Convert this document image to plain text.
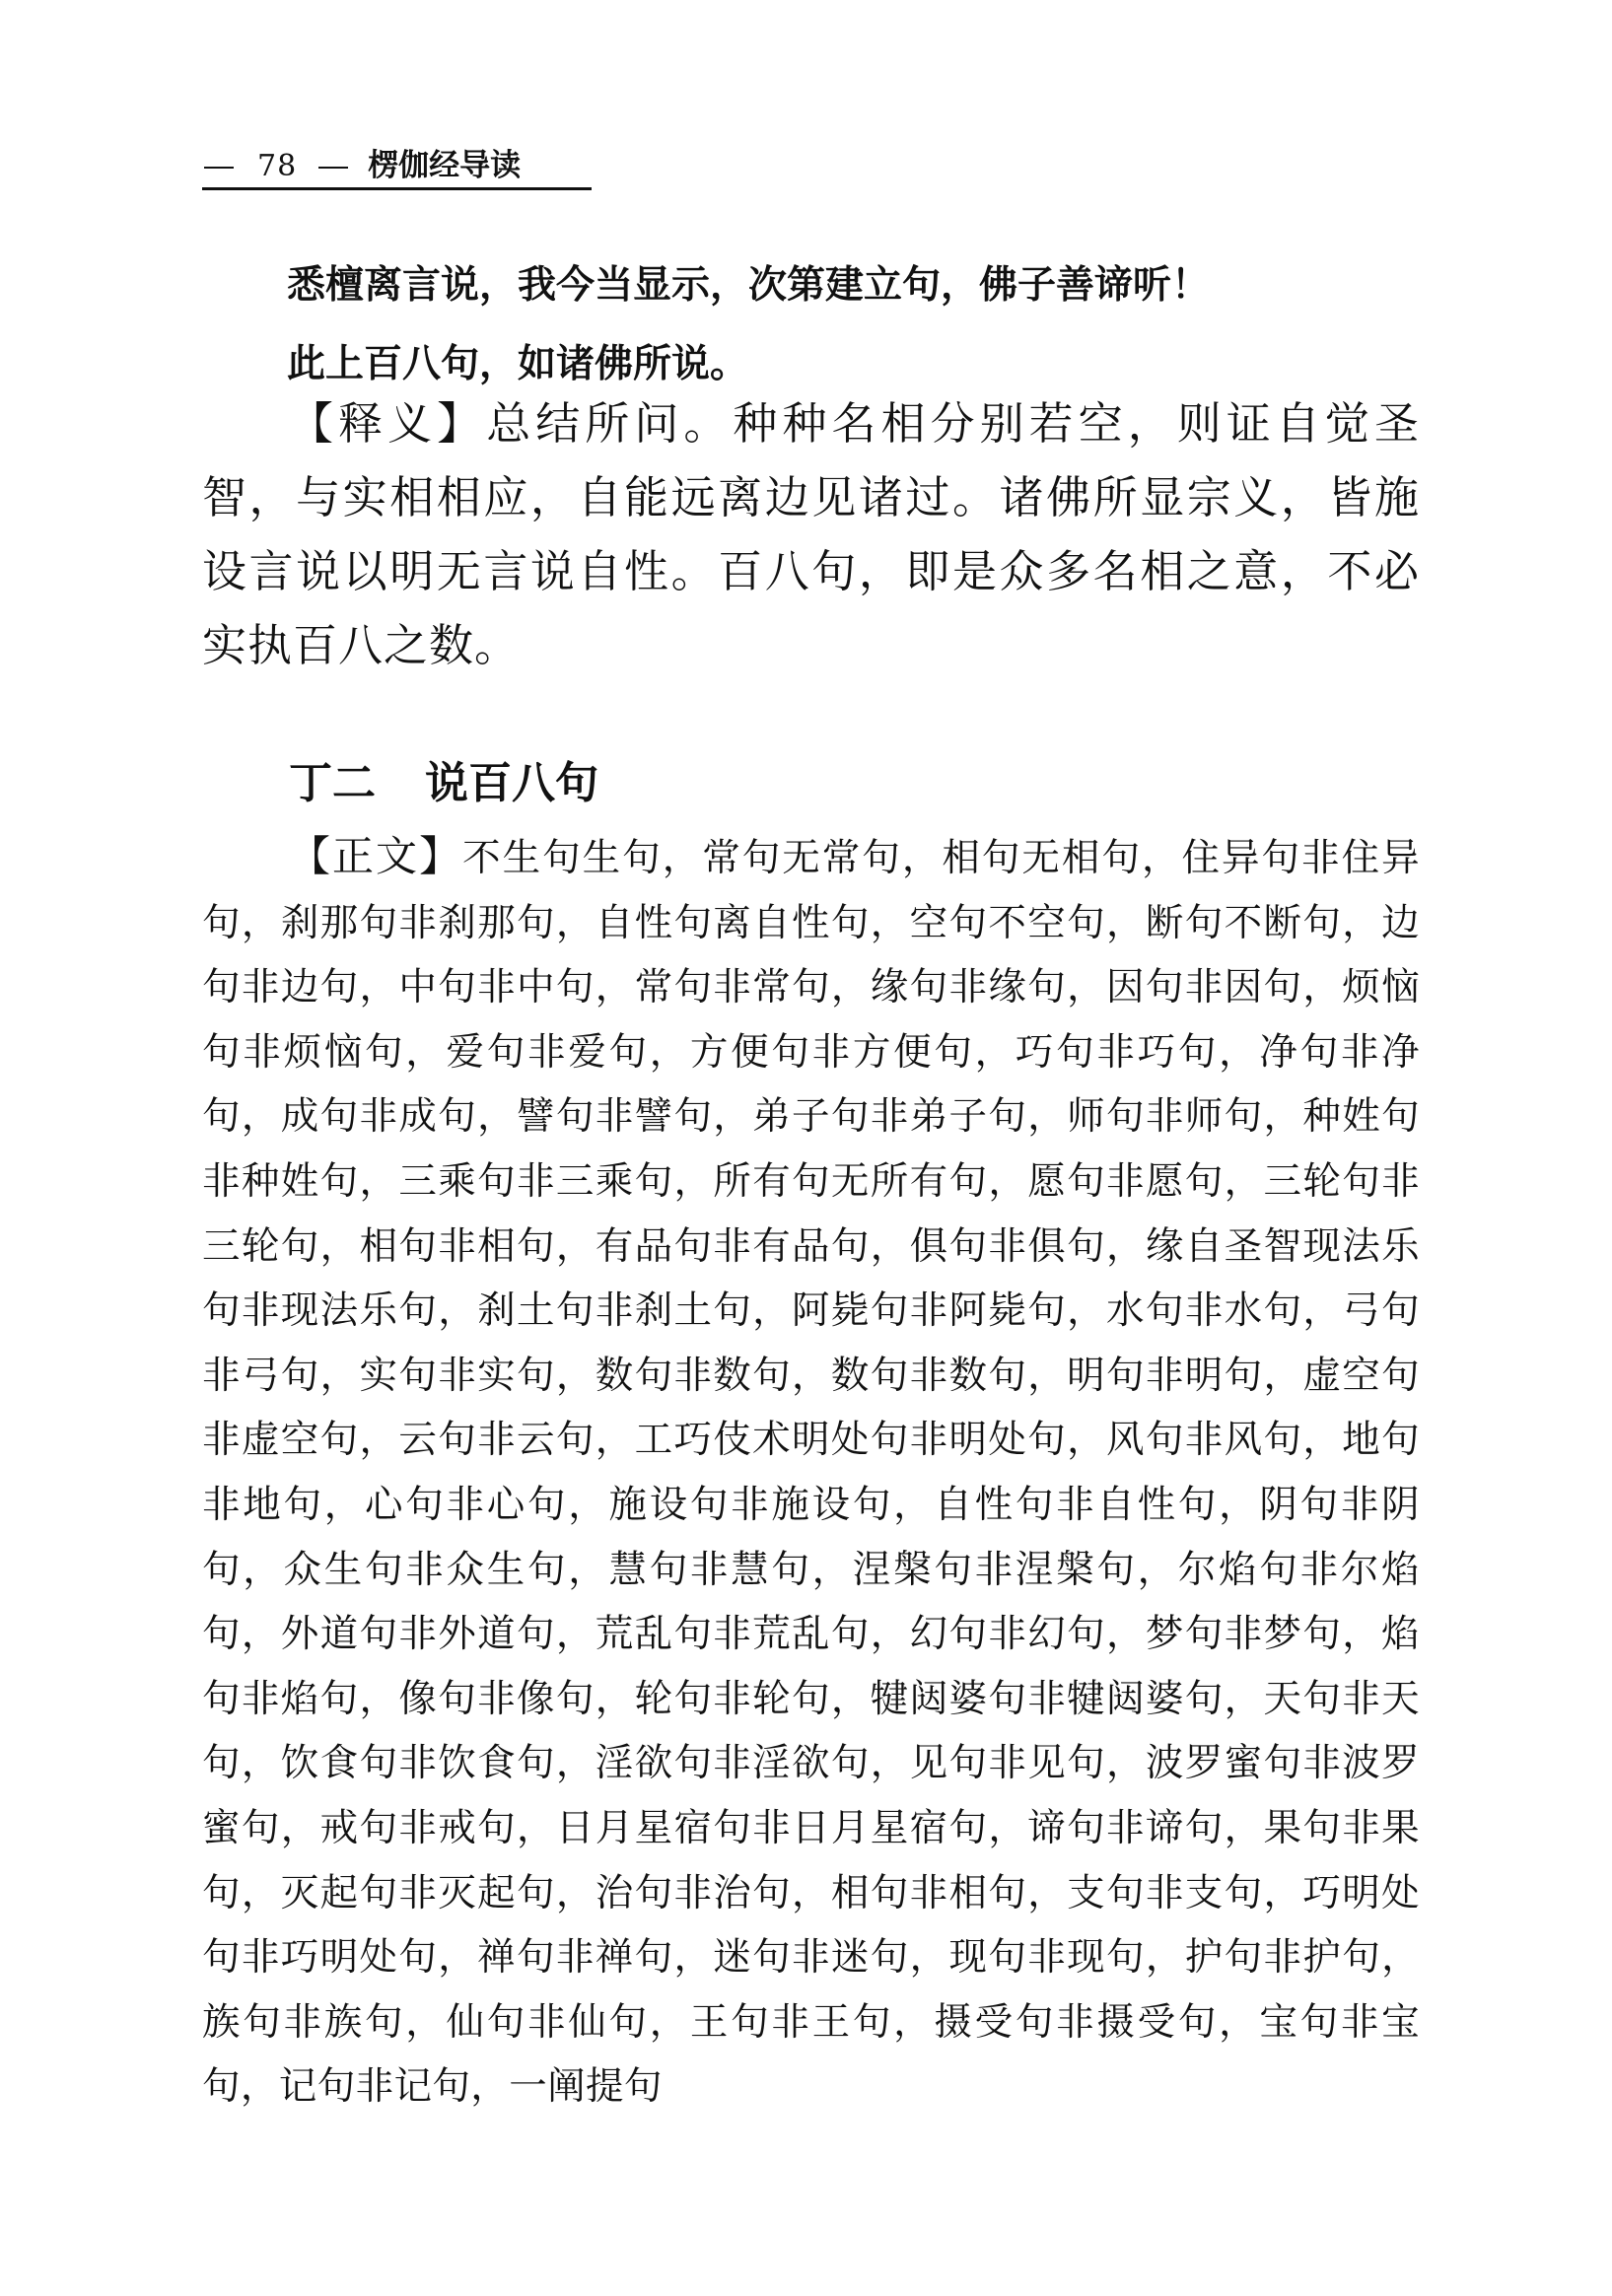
78 楞伽经导读

悉檀离言说，我今当显示，次第建立句，佛子善谛听！

此上百八句，如诸佛所说。

【释义】总结所问。种种名相分别若空，则证自觉圣智，与实相相应，自能远离边见诸过。诸佛所显宗义，皆施设言说以明无言说自性。百八句，即是众多名相之意，不必实执百八之数。

丁二 说百八句

【正文】不生句生句，常句无常句，相句无相句，住异句非住异句，刹那句非刹那句，自性句离自性句，空句不空句，断句不断句，边句非边句，中句非中句，常句非常句，缘句非缘句，因句非因句，烦恼句非烦恼句，爱句非爱句，方便句非方便句，巧句非巧句，净句非净句，成句非成句，譬句非譬句，弟子句非弟子句，师句非师句，种姓句非种姓句，三乘句非三乘句，所有句无所有句，愿句非愿句，三轮句非三轮句，相句非相句，有品句非有品句，俱句非俱句，缘自圣智现法乐句非现法乐句，刹土句非刹土句，阿毙句非阿毙句，水句非水句，弓句非弓句，实句非实句，数句非数句，数句非数句，明句非明句，虚空句非虚空句，云句非云句，工巧伎术明处句非明处句，风句非风句，地句非地句，心句非心句，施设句非施设句，自性句非自性句，阴句非阴句，众生句非众生句，慧句非慧句，涅槃句非涅槃句，尔焰句非尔焰句，外道句非外道句，荒乱句非荒乱句，幻句非幻句，梦句非梦句，焰句非焰句，像句非像句，轮句非轮句，犍闼婆句非犍闼婆句，天句非天句，饮食句非饮食句，淫欲句非淫欲句，见句非见句，波罗蜜句非波罗蜜句，戒句非戒句，日月星宿句非日月星宿句，谛句非谛句，果句非果句，灭起句非灭起句，治句非治句，相句非相句，支句非支句，巧明处句非巧明处句，禅句非禅句，迷句非迷句，现句非现句，护句非护句，族句非族句，仙句非仙句，王句非王句，摄受句非摄受句，宝句非宝句，记句非记句，一阐提句
